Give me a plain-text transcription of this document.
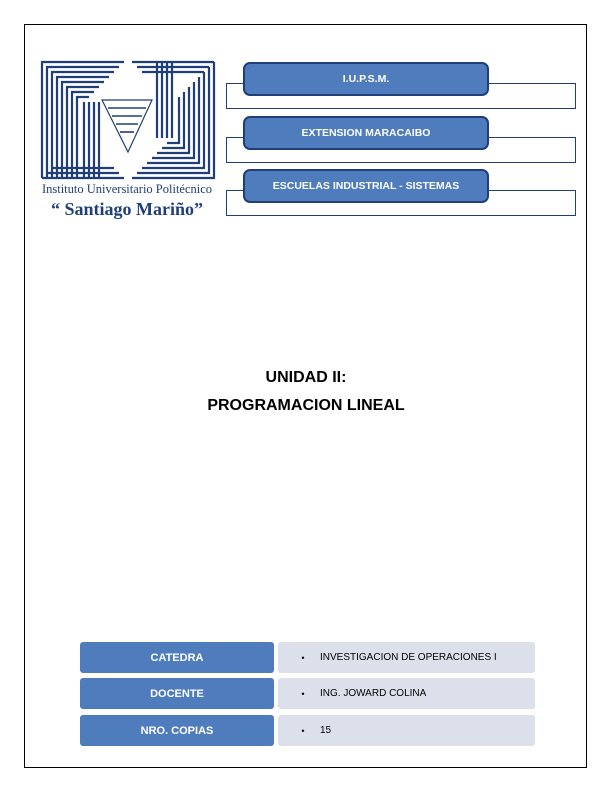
Instituto Universitario Politécnico
“ Santiago Mariño”
I.U.P.S.M.
EXTENSION MARACAIBO
ESCUELAS INDUSTRIAL - SISTEMAS
UNIDAD II:
PROGRAMACION LINEAL
CATEDRA	•	INVESTIGACION DE OPERACIONES I
DOCENTE	•	ING. JOWARD COLINA
NRO. COPIAS	•	15
